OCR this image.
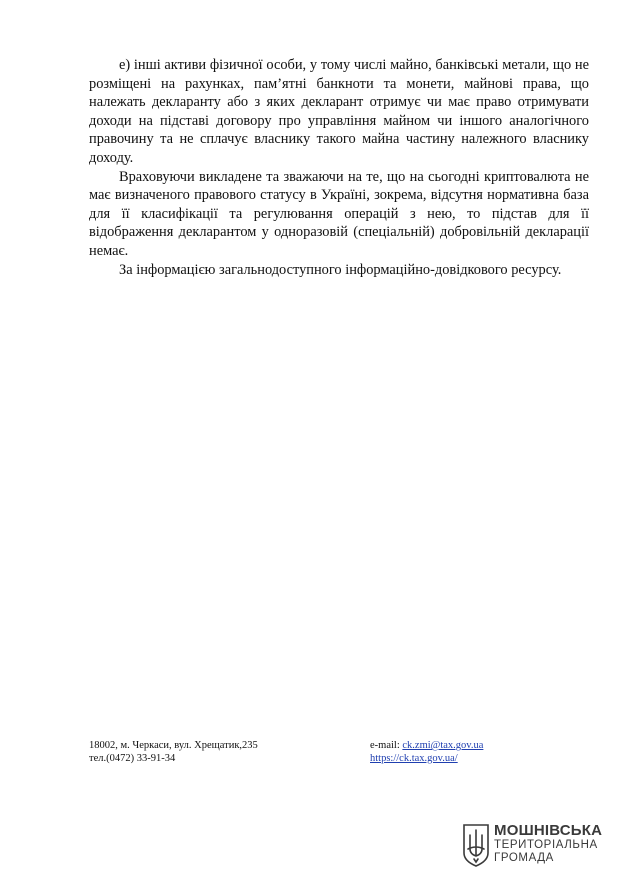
е) інші активи фізичної особи, у тому числі майно, банківські метали, що не розміщені на рахунках, пам’ятні банкноти та монети, майнові права, що належать декларанту або з яких декларант отримує чи має право отримувати доходи на підставі договору про управління майном чи іншого аналогічного правочину та не сплачує власнику такого майна частину належного власнику доходу.

Враховуючи викладене та зважаючи на те, що на сьогодні криптовалюта не має визначеного правового статусу в Україні, зокрема, відсутня нормативна база для її класифікації та регулювання операцій з нею, то підстав для її відображення декларантом у одноразовій (спеціальній) добровільній декларації немає.

За інформацією загальнодоступного інформаційно-довідкового ресурсу.

18002, м. Черкаси, вул. Хрещатик,235
тел.(0472) 33-91-34
e-mail: ck.zmi@tax.gov.ua
https://ck.tax.gov.ua/
МОШНІВСЬКА
ТЕРИТОРІАЛЬНА
ГРОМАДА
